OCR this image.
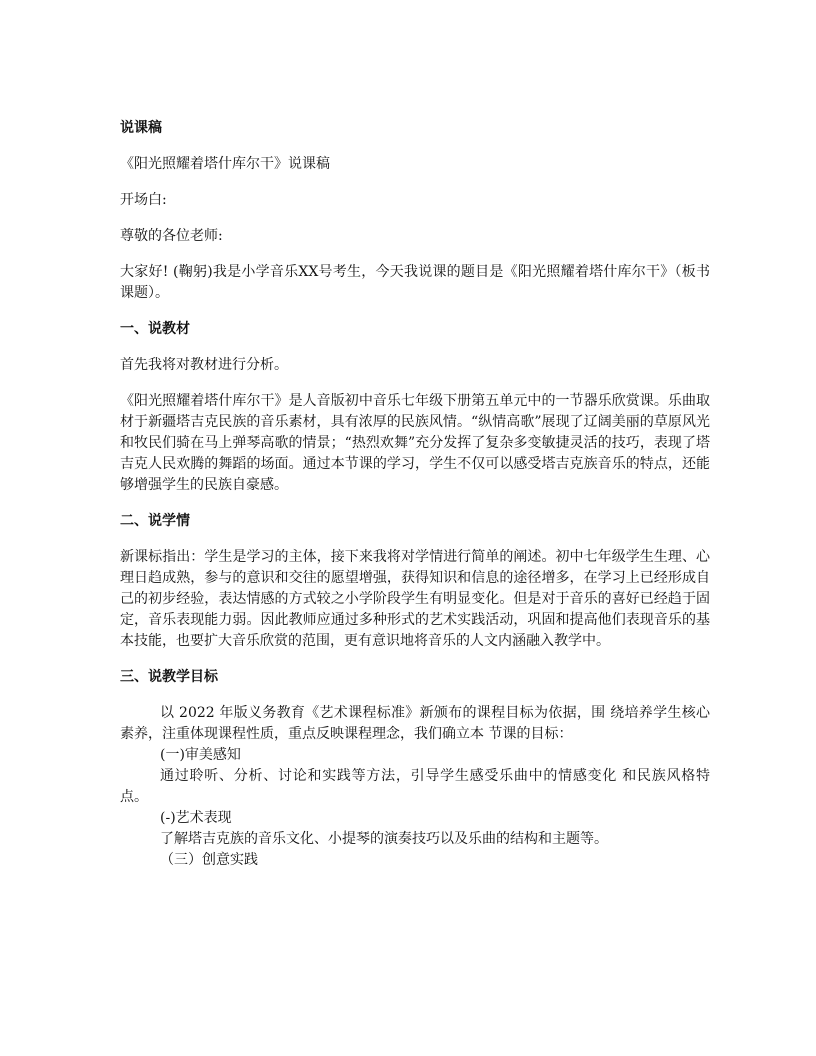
说课稿

《阳光照耀着塔什库尔干》说课稿

开场白:

尊敬的各位老师:

大家好! (鞠躬)我是小学音乐XX号考生，今天我说课的题目是《阳光照耀着塔什库尔干》（板书课题）。

一、说教材

首先我将对教材进行分析。

《阳光照耀着塔什库尔干》是人音版初中音乐七年级下册第五单元中的一节器乐欣赏课。乐曲取材于新疆塔吉克民族的音乐素材，具有浓厚的民族风情。“纵情高歌”展现了辽阔美丽的草原风光和牧民们骑在马上弹琴高歌的情景；“热烈欢舞”充分发挥了复杂多变敏捷灵活的技巧，表现了塔吉克人民欢腾的舞蹈的场面。通过本节课的学习，学生不仅可以感受塔吉克族音乐的特点，还能够增强学生的民族自豪感。

二、说学情

新课标指出：学生是学习的主体，接下来我将对学情进行简单的阐述。初中七年级学生生理、心理日趋成熟，参与的意识和交往的愿望增强，获得知识和信息的途径增多，在学习上已经形成自己的初步经验，表达情感的方式较之小学阶段学生有明显变化。但是对于音乐的喜好已经趋于固定，音乐表现能力弱。因此教师应通过多种形式的艺术实践活动，巩固和提高他们表现音乐的基本技能，也要扩大音乐欣赏的范围，更有意识地将音乐的人文内涵融入教学中。

三、说教学目标

以 2022 年版义务教育《艺术课程标准》新颁布的课程目标为依据，围 绕培养学生核心素养，注重体现课程性质，重点反映课程理念，我们确立本 节课的目标：

(一)审美感知

通过聆听、分析、讨论和实践等方法，引导学生感受乐曲中的情感变化 和民族风格特点。

(-)艺术表现

了解塔吉克族的音乐文化、小提琴的演奏技巧以及乐曲的结构和主题等。

（三）创意实践
